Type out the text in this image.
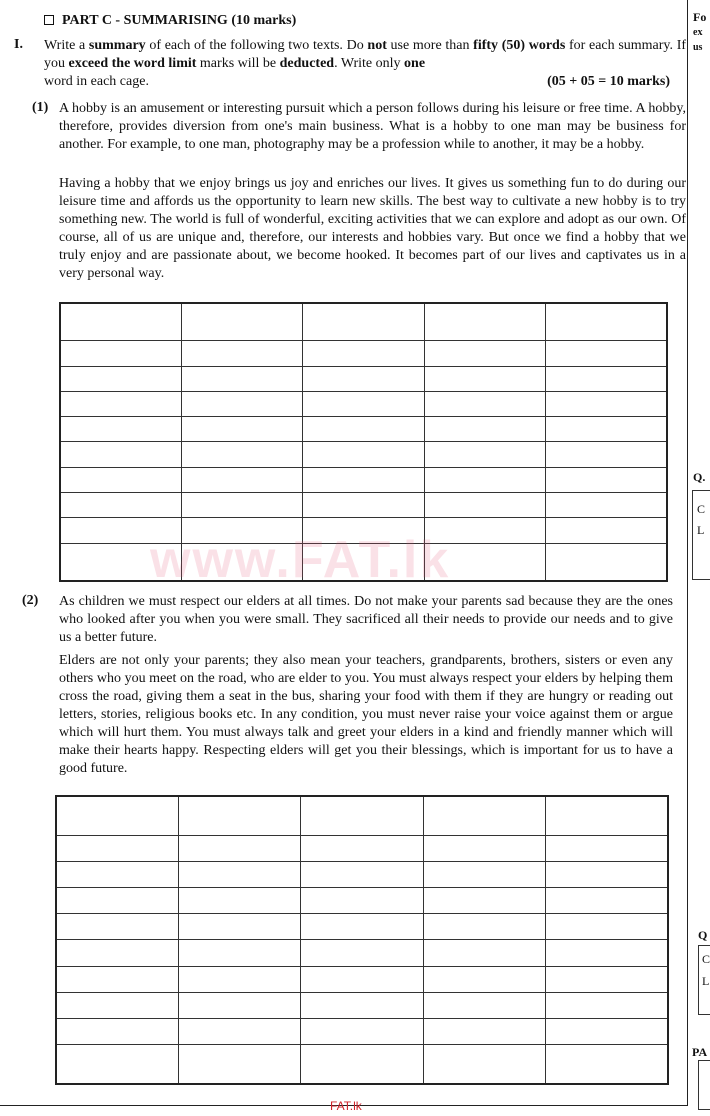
PART C - SUMMARISING (10 marks)
I. Write a summary of each of the following two texts. Do not use more than fifty (50) words for each summary. If you exceed the word limit marks will be deducted. Write only one
word in each cage.	(05 + 05 = 10 marks)
(1) A hobby is an amusement or interesting pursuit which a person follows during his leisure or free time. A hobby, therefore, provides diversion from one's main business. What is a hobby to one man may be business for another. For example, to one man, photography may be a profession while to another, it may be a hobby.
Having a hobby that we enjoy brings us joy and enriches our lives. It gives us something fun to do during our leisure time and affords us the opportunity to learn new skills. The best way to cultivate a new hobby is to try something new. The world is full of wonderful, exciting activities that we can explore and adopt as our own. Of course, all of us are unique and, therefore, our interests and hobbies vary. But once we find a hobby that we truly enjoy and are passionate about, we become hooked. It becomes part of our lives and captivates us in a very personal way.

www.FAT.lk
(2) As children we must respect our elders at all times. Do not make your parents sad because they are the ones who looked after you when you were small. They sacrificed all their needs to provide our needs and to give us a better future.
Elders are not only your parents; they also mean your teachers, grandparents, brothers, sisters or even any others who you meet on the road, who are elder to you. You must always respect your elders by helping them cross the road, giving them a seat in the bus, sharing your food with them if they are hungry or reading out letters, stories, religious books etc. In any condition, you must never raise your voice against them or argue which will hurt them. You must always talk and greet your elders in a kind and friendly manner which will make their hearts happy. Respecting elders will get you their blessings, which is important for us to have a good future.

FAT.lk
Fo
ex
us
Q.
C
L
Q
C
L
PA
